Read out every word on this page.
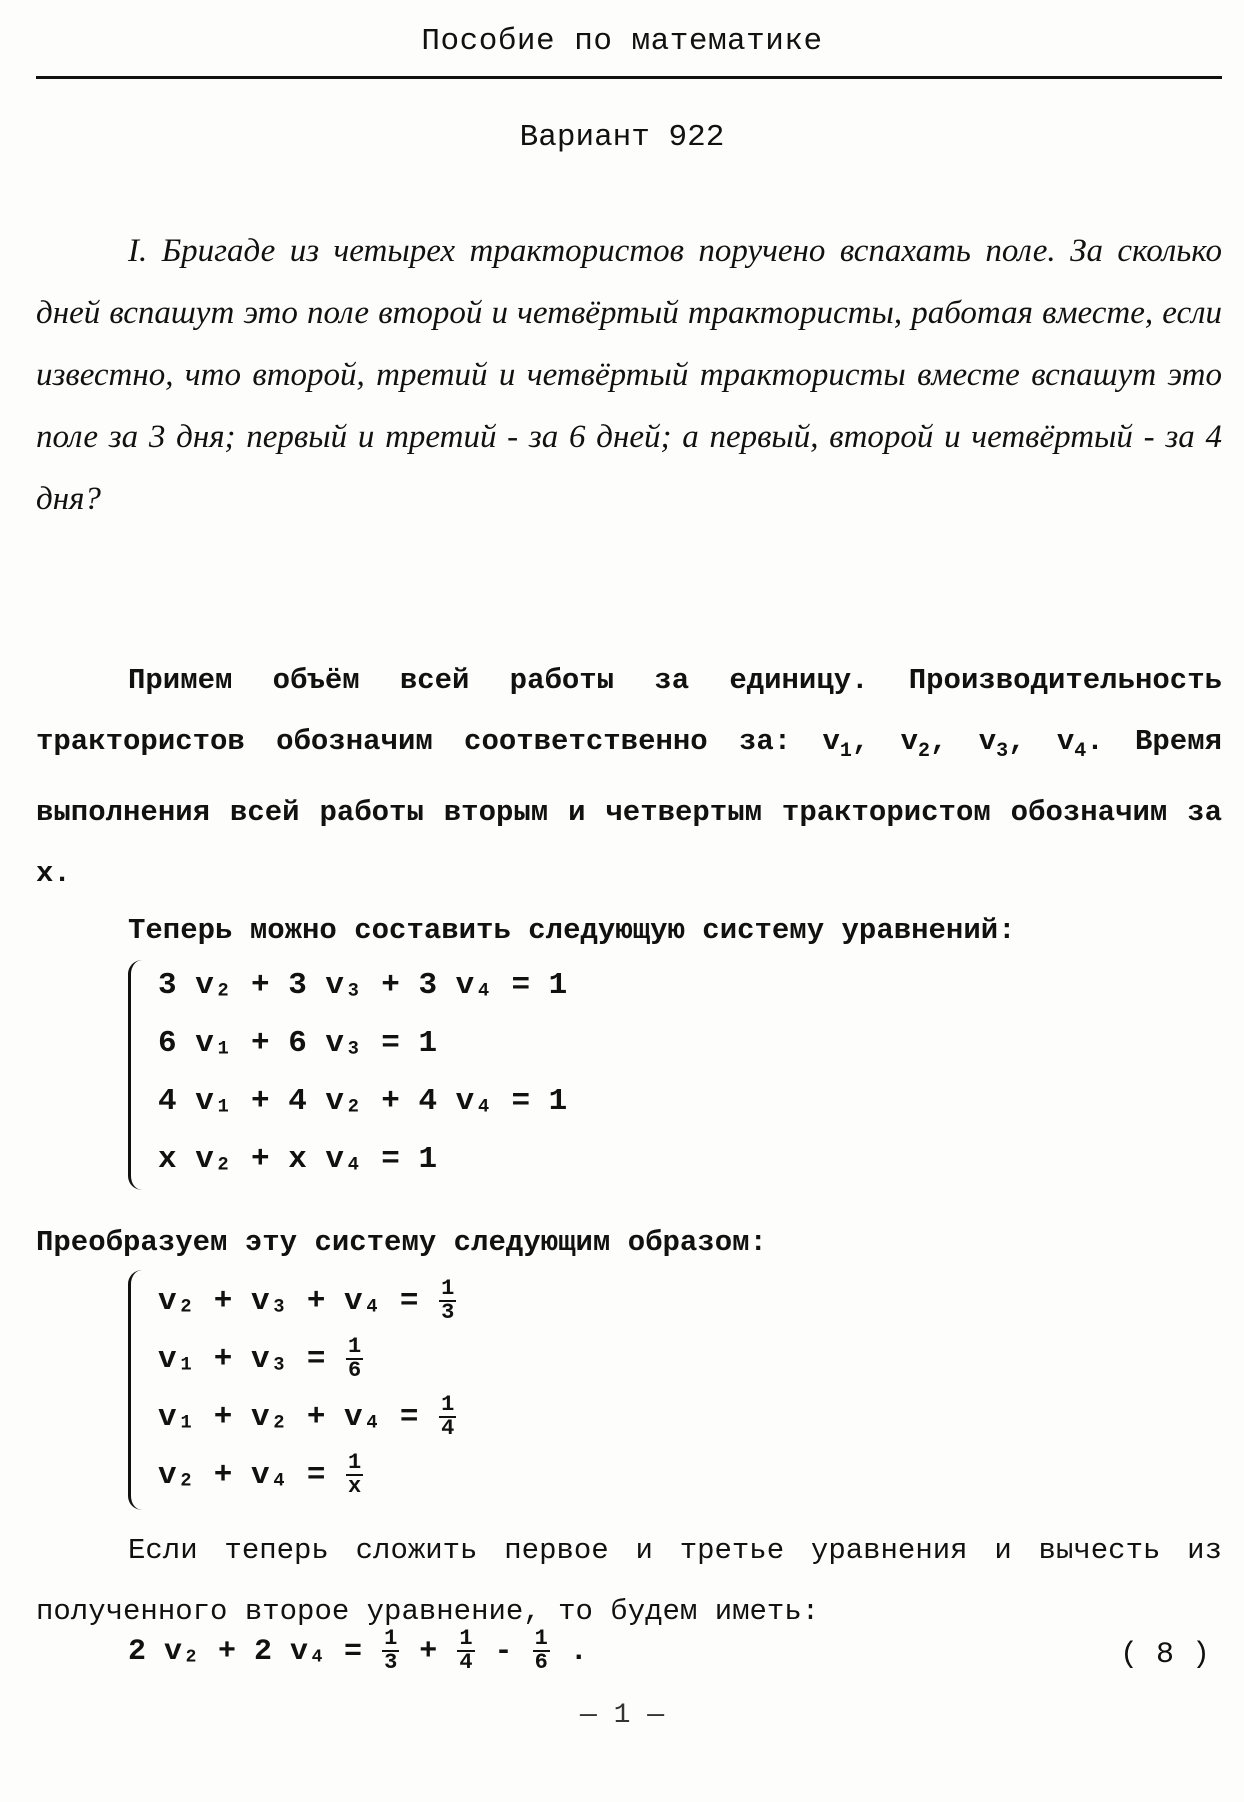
Пособие по математике
Вариант 922

I. Бригаде из четырех трактористов поручено вспахать поле. За сколько дней вспашут это поле второй и четвёртый трактористы, работая вместе, если известно, что второй, третий и четвёртый трактористы вместе вспашут это поле за 3 дня; первый и третий - за 6 дней; а первый, второй и четвёртый - за 4 дня?

Примем объём всей работы за единицу. Производительность трактористов обозначим соответственно за: $v_1$, $v_2$, $v_3$, $v_4$. Время выполнения всей работы вторым и четвертым трактористом обозначим за x.

Теперь можно составить следующую систему уравнений:

3 v₂ + 3 v₃ + 3 v₄ = 1
6 v₁ + 6 v₃ = 1
4 v₁ + 4 v₂ + 4 v₄ = 1
x v₂ + x v₄ = 1

Преобразуем эту систему следующим образом:

$v_2 + v_3 + v_4 = \frac{1}{3}$
$v_1 + v_3 = \frac{1}{6}$
$v_1 + v_2 + v_4 = \frac{1}{4}$
$v_2 + v_4 = \frac{1}{x}$

Если теперь сложить первое и третье уравнения и вычесть из полученного второе уравнение, то будем иметь:

2 v₂ + 2 $v_4 = \frac{1}{3} + \frac{1}{4} - \frac{1}{6}$ .	( 8 )
— 1 —
